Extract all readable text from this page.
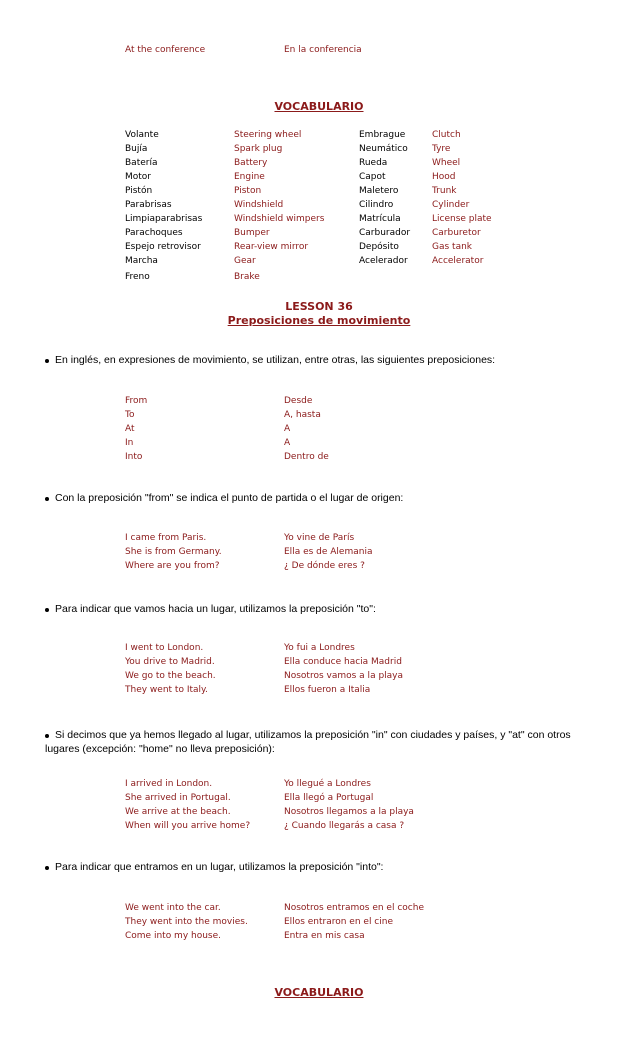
At the conference	En la conferencia
VOCABULARIO
Volante	Steering wheel	Embrague	Clutch
Bujía	Spark plug	Neumático	Tyre
Batería	Battery	Rueda	Wheel
Motor	Engine	Capot	Hood
Pistón	Piston	Maletero	Trunk
Parabrisas	Windshield	Cilindro	Cylinder
Limpiaparabrisas	Windshield wimpers	Matrícula	License plate
Parachoques	Bumper	Carburador Carburetor
Espejo retrovisor	Rear-view mirror	Depósito	Gas tank
Marcha	Gear	Acelerador	Accelerator
Freno	Brake
LESSON 36
Preposiciones de movimiento
En inglés, en expresiones de movimiento, se utilizan, entre otras, las siguientes preposiciones:
From	Desde
To	A, hasta
At	A
In	A
Into	Dentro de
Con la preposición "from" se indica el punto de partida o el lugar de origen:
I came from Paris.	Yo vine de París
She is from Germany.	Ella es de Alemania
Where are you from?	¿ De dónde eres ?
Para indicar que vamos hacia un lugar, utilizamos la preposición "to":
I went to London.	Yo fui a Londres
You drive to Madrid.	Ella conduce hacia Madrid
We go to the beach.	Nosotros vamos a la playa
They went to Italy.	Ellos fueron a Italia
Si decimos que ya hemos llegado al lugar, utilizamos la preposición "in" con ciudades y países, y "at" con otros
lugares (excepción: "home" no lleva preposición):
I arrived in London.	Yo llegué a Londres
She arrived in Portugal.	Ella llegó a Portugal
We arrive at the beach.	Nosotros llegamos a la playa
When will you arrive home?	¿ Cuando llegarás a casa ?
Para indicar que entramos en un lugar, utilizamos la preposición "into":
We went into the car.	Nosotros entramos en el coche
They went into the movies.	Ellos entraron en el cine
Come into my house.	Entra en mis casa
VOCABULARIO
